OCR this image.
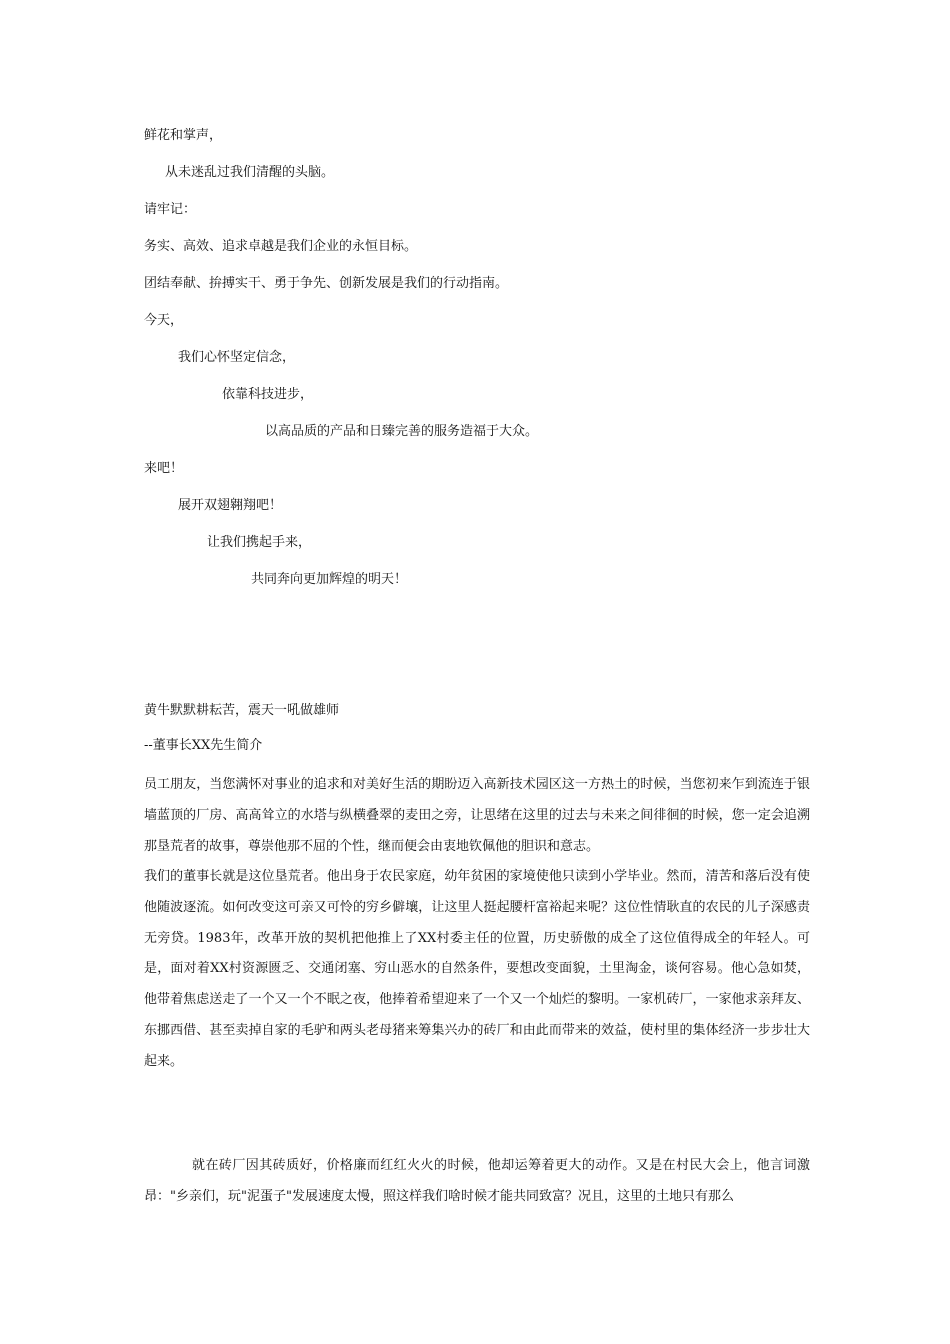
鲜花和掌声，
从未迷乱过我们清醒的头脑。
请牢记：
务实、高效、追求卓越是我们企业的永恒目标。
团结奉献、拚搏实干、勇于争先、创新发展是我们的行动指南。
今天，
我们心怀坚定信念，
依靠科技进步，
以高品质的产品和日臻完善的服务造福于大众。
来吧！
展开双翅翱翔吧！
让我们携起手来，
共同奔向更加辉煌的明天！
黄牛默默耕耘苦，震天一吼做雄师
--董事长XX先生简介
员工朋友，当您满怀对事业的追求和对美好生活的期盼迈入高新技术园区这一方热土的时候，当您初来乍到流连于银墙蓝顶的厂房、高高耸立的水塔与纵横叠翠的麦田之旁，让思绪在这里的过去与未来之间徘徊的时候，您一定会追溯那垦荒者的故事，尊崇他那不屈的个性，继而便会由衷地钦佩他的胆识和意志。
我们的董事长就是这位垦荒者。他出身于农民家庭，幼年贫困的家境使他只读到小学毕业。然而，清苦和落后没有使他随波逐流。如何改变这可亲又可怜的穷乡僻壤，让这里人挺起腰杆富裕起来呢？这位性情耿直的农民的儿子深感责无旁贷。1983年，改革开放的契机把他推上了XX村委主任的位置，历史骄傲的成全了这位值得成全的年轻人。可是，面对着XX村资源匮乏、交通闭塞、穷山恶水的自然条件，要想改变面貌，土里淘金，谈何容易。他心急如焚，他带着焦虑送走了一个又一个不眠之夜，他捧着希望迎来了一个又一个灿烂的黎明。一家机砖厂，一家他求亲拜友、东挪西借、甚至卖掉自家的毛驴和两头老母猪来筹集兴办的砖厂和由此而带来的效益，使村里的集体经济一步步壮大起来。
就在砖厂因其砖质好，价格廉而红红火火的时候，他却运筹着更大的动作。又是在村民大会上，他言词激昂："乡亲们，玩"泥蛋子"发展速度太慢，照这样我们啥时候才能共同致富？况且，这里的土地只有那么
